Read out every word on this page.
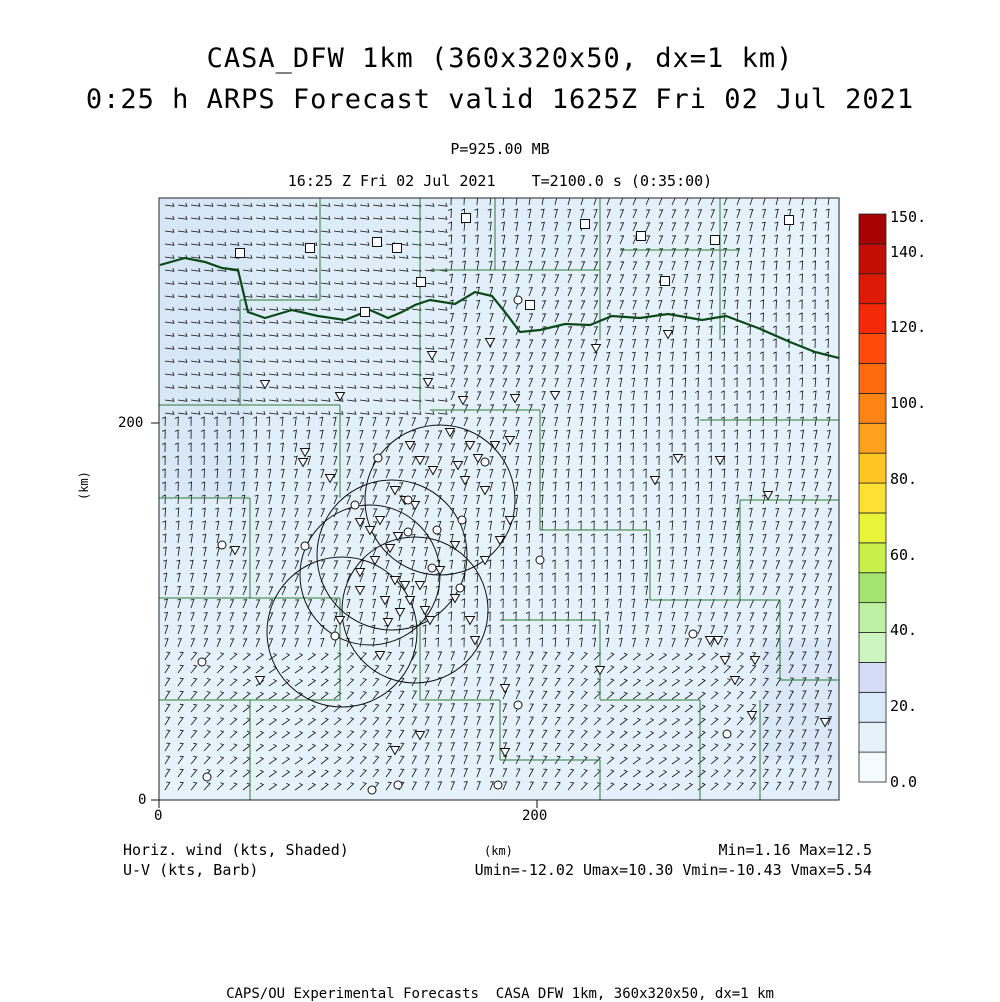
CASA_DFW 1km (360x320x50, dx=1 km)
0:25 h ARPS Forecast valid 1625Z Fri 02 Jul 2021
P=925.00 MB
16:25 Z Fri 02 Jul 2021    T=2100.0 s (0:35:00)
200
0
0	200
(km)
(km)
150.
140.
120.
100.
80.
60.
40.
20.
0.0
Horiz. wind (kts, Shaded)
U-V (kts, Barb)
Min=1.16 Max=12.5
Umin=-12.02 Umax=10.30 Vmin=-10.43 Vmax=5.54
CAPS/OU Experimental Forecasts  CASA DFW 1km, 360x320x50, dx=1 km
